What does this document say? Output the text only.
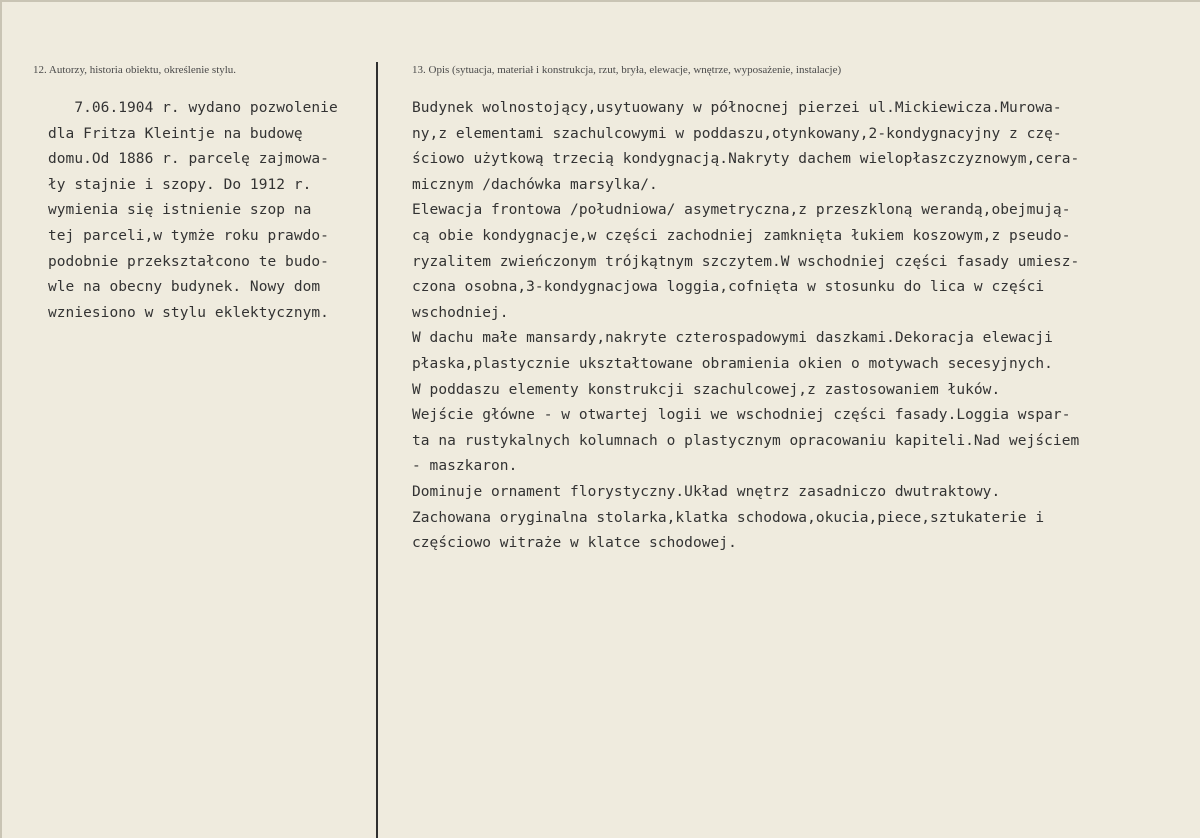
12. Autorzy, historia obiektu, określenie stylu.	13. Opis (sytuacja, materiał i konstrukcja, rzut, bryła, elewacje, wnętrze, wyposażenie, instalacje)
7.06.1904 r. wydano pozwolenie
dla Fritza Kleintje na budowę
domu.Od 1886 r. parcelę zajmowa-
ły stajnie i szopy. Do 1912 r.
wymienia się istnienie szop na
tej parceli,w tymże roku prawdo-
podobnie przekształcono te budo-
wle na obecny budynek. Nowy dom
wzniesiono w stylu eklektycznym.
Budynek wolnostojący,usytuowany w północnej pierzei ul.Mickiewicza.Murowa-
ny,z elementami szachulcowymi w poddaszu,otynkowany,2-kondygnacyjny z czę-
ściowo użytkową trzecią kondygnacją.Nakryty dachem wielopłaszczyznowym,cera-
micznym /dachówka marsylka/.
Elewacja frontowa /południowa/ asymetryczna,z przeszkloną werandą,obejmują-
cą obie kondygnacje,w części zachodniej zamknięta łukiem koszowym,z pseudo-
ryzalitem zwieńczonym trójkątnym szczytem.W wschodniej części fasady umiesz-
czona osobna,3-kondygnacjowa loggia,cofnięta w stosunku do lica w części
wschodniej.
W dachu małe mansardy,nakryte czterospadowymi daszkami.Dekoracja elewacji
płaska,plastycznie ukształtowane obramienia okien o motywach secesyjnych.
W poddaszu elementy konstrukcji szachulcowej,z zastosowaniem łuków.
Wejście główne - w otwartej logii we wschodniej części fasady.Loggia wspar-
ta na rustykalnych kolumnach o plastycznym opracowaniu kapiteli.Nad wejściem
- maszkaron.
Dominuje ornament florystyczny.Układ wnętrz zasadniczo dwutraktowy.
Zachowana oryginalna stolarka,klatka schodowa,okucia,piece,sztukaterie i
częściowo witraże w klatce schodowej.
